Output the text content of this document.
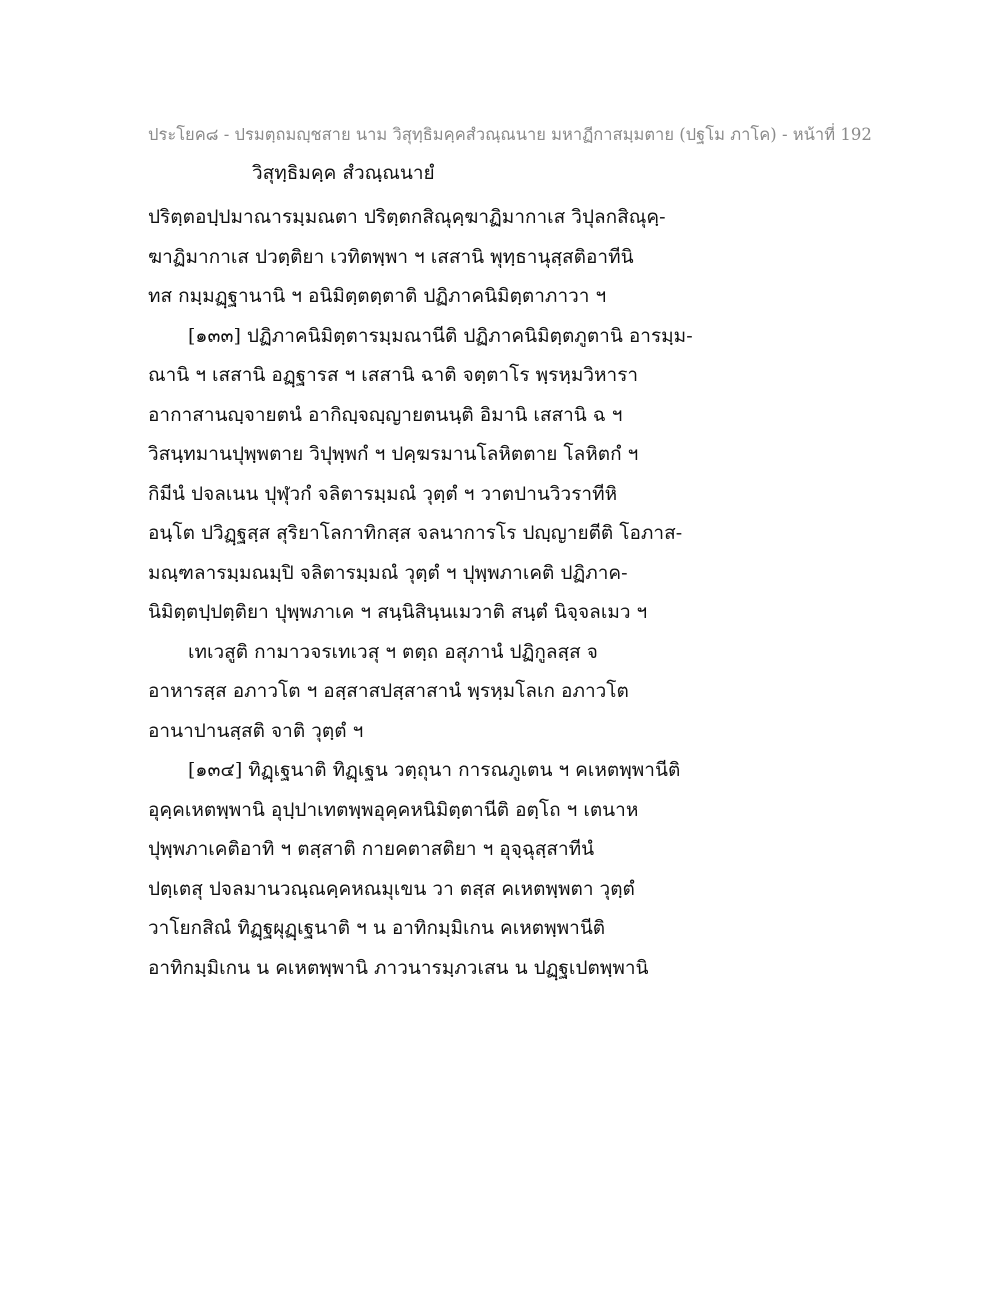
ประโยค๘ - ปรมตฺถมญฺชสาย นาม วิสุทฺธิมคฺคสํวณฺณนาย มหาฏีกาสมฺมตาย (ปฐโม ภาโค) - หน้าที่ 192
วิสุทฺธิมคฺค สํวณฺณนายํ
ปริตฺตอปฺปมาณารมฺมณตา ปริตฺตกสิณุคฺฆาฏิมากาเส วิปุลกสิณุคฺ-
ฆาฏิมากาเส ปวตฺติยา เวทิตพฺพา ฯ เสสานิ พุทฺธานุสฺสติอาทีนิ
ทส กมฺมฏฺฐานานิ ฯ อนิมิตฺตตฺตาติ ปฏิภาคนิมิตฺตาภาวา ฯ
[๑๓๓] ปฏิภาคนิมิตฺตารมฺมณานีติ ปฏิภาคนิมิตฺตภูตานิ อารมฺม-
ณานิ ฯ เสสานิ อฏฺฐารส ฯ เสสานิ ฉาติ จตฺตาโร พฺรหฺมวิหารา
อากาสานญฺจายตนํ อากิญฺจญฺญายตนนฺติ อิมานิ เสสานิ ฉ ฯ
วิสนฺทมานปุพฺพตาย วิปุพฺพกํ ฯ ปคฺฆรมานโลหิตตาย โลหิตกํ ฯ
กิมีนํ ปจลเนน ปุฬุวกํ จลิตารมฺมณํ วุตฺตํ ฯ วาตปานวิวราทีหิ
อนฺโต ปวิฏฺฐสฺส สุริยาโลกาทิกสฺส จลนาการโร ปญฺญายตีติ โอภาส-
มณฺฑลารมฺมณมฺปิ จลิตารมฺมณํ วุตฺตํ ฯ ปุพฺพภาเคติ ปฏิภาค-
นิมิตฺตปฺปตฺติยา ปุพฺพภาเค ฯ สนฺนิสินฺนเมวาติ สนฺตํ นิจฺจลเมว ฯ
เทเวสูติ กามาวจรเทเวสุ ฯ ตตฺถ อสุภานํ ปฏิกูลสฺส จ
อาหารสฺส อภาวโต ฯ อสฺสาสปสฺสาสานํ พฺรหฺมโลเก อภาวโต
อานาปานสฺสติ จาติ วุตฺตํ ฯ
[๑๓๔] ทิฏฺเฐนาติ ทิฏฺเฐน วตฺถุนา การณภูเตน ฯ คเหตพฺพานีติ
อุคฺคเหตพฺพานิ อุปฺปาเทตพฺพอุคฺคหนิมิตฺตานีติ อตฺโถ ฯ เตนาห
ปุพฺพภาเคติอาทิ ฯ ตสฺสาติ กายคตาสติยา ฯ อุจฺฉุสฺสาทีนํ
ปตฺเตสุ ปจลมานวณฺณคฺคหณมุเขน วา ตสฺส คเหตพฺพตา วุตฺตํ
วาโยกสิณํ ทิฏฺฐผุฏฺเฐนาติ ฯ น อาทิกมฺมิเกน คเหตพฺพานีติ
อาทิกมฺมิเกน น คเหตพฺพานิ ภาวนารมฺภวเสน น ปฏฺฐเปตพฺพานิ
